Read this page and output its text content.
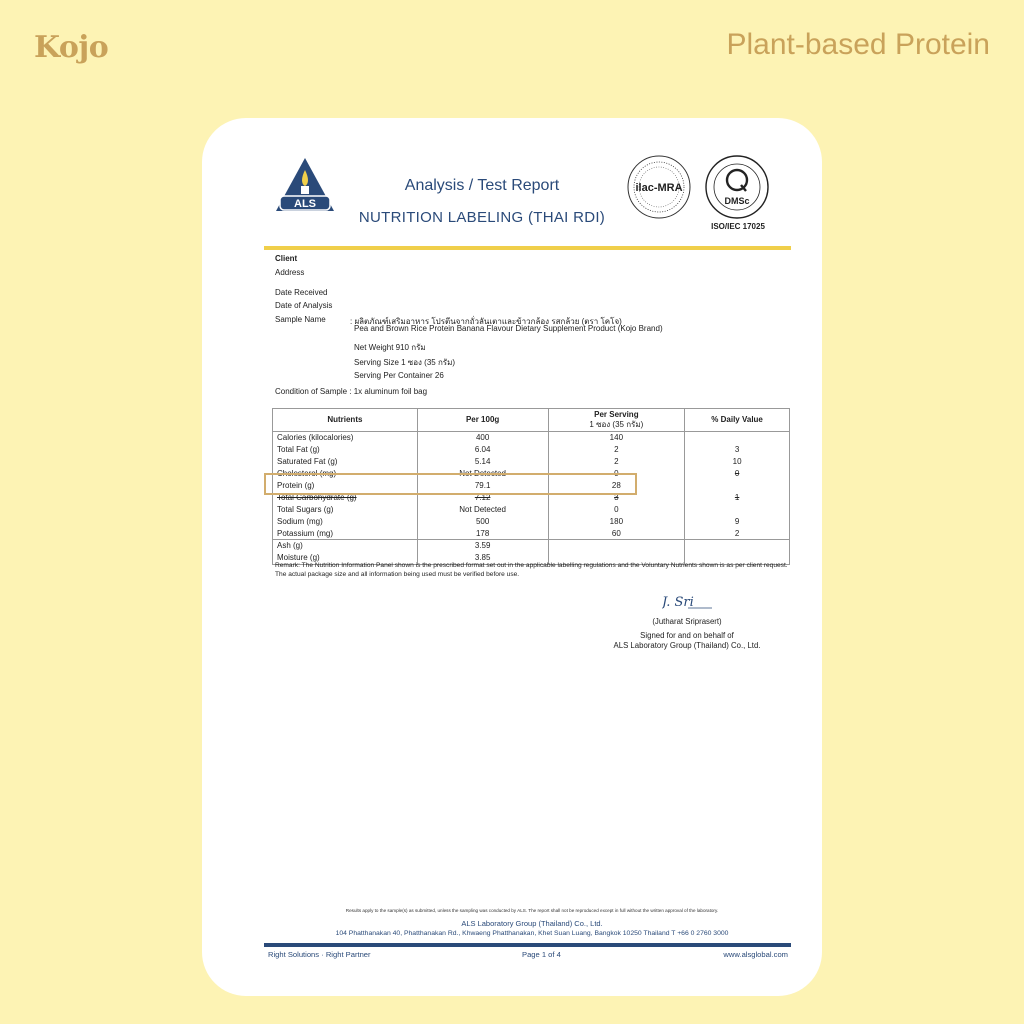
Kojo	Plant-based Protein
ALS
Analysis / Test Report
NUTRITION LABELING (THAI RDI)
ilac-MRA
DMSc
ISO/IEC 17025
Client
Address
Date Received
Date of Analysis
Sample Name	: ผลิตภัณฑ์เสริมอาหาร โปรตีนจากถั่วลันเตาและข้าวกล้อง รสกล้วย (ตรา โคโจ)
Pea and Brown Rice Protein Banana Flavour Dietary Supplement Product (Kojo Brand)
Net Weight 910 กรัม
Serving Size 1 ซอง (35 กรัม)
Serving Per Container 26
Condition of Sample : 1x aluminum foil bag
Nutrients	Per 100g	Per Serving
1 ซอง (35 กรัม)	% Daily Value
Calories (kilocalories)	400	140	
Total Fat (g)	6.04	2	3
Saturated Fat (g)	5.14	2	10
Cholesterol (mg)	Not Detected	0	0
Protein (g)	79.1	28	
Total Carbohydrate (g)	7.12	3	1
Total Sugars (g)	Not Detected	0	
Sodium (mg)	500	180	9
Potassium (mg)	178	60	2
Ash (g)	3.59		
Moisture (g)	3.85		
Remark: The Nutrition Information Panel shown is the prescribed format set out in the applicable labelling regulations and the Voluntary Nutrients shown is as per client request. The actual package size and all information being used must be verified before use.
J. Sri
(Jutharat Sriprasert)
Signed for and on behalf of
ALS Laboratory Group (Thailand) Co., Ltd.
Results apply to the sample(s) as submitted, unless the sampling was conducted by ALS. The report shall not be reproduced except in full without the written approval of the laboratory.
ALS Laboratory Group (Thailand) Co., Ltd.
104 Phatthanakan 40, Phatthanakan Rd., Khwaeng Phatthanakan, Khet Suan Luang, Bangkok 10250 Thailand T +66 0 2760 3000
Right Solutions · Right Partner	Page 1 of 4	www.alsglobal.com
